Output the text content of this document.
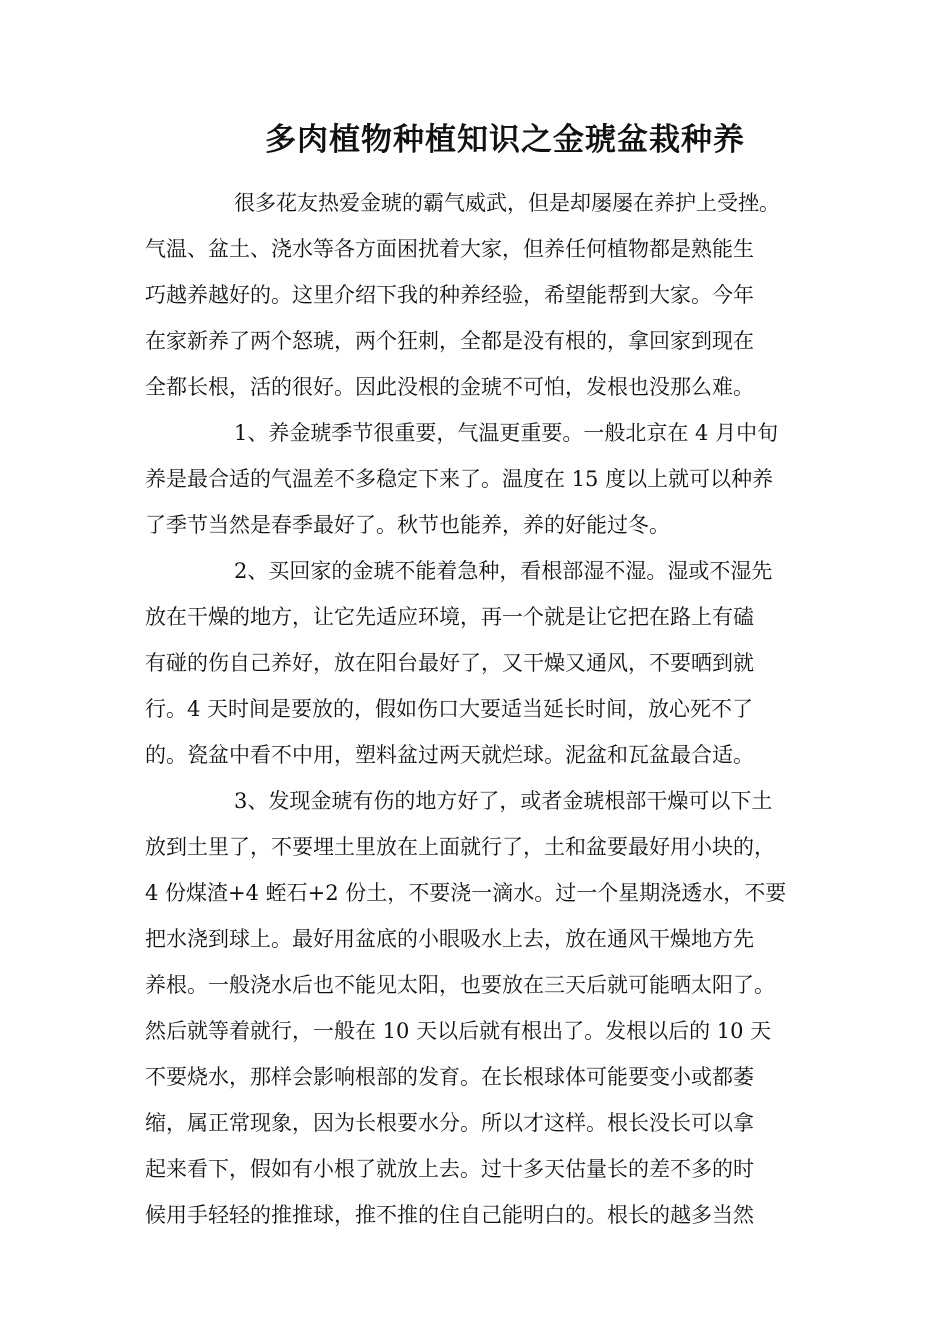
多肉植物种植知识之金琥盆栽种养
很多花友热爱金琥的霸气威武，但是却屡屡在养护上受挫。
气温、盆土、浇水等各方面困扰着大家，但养任何植物都是熟能生
巧越养越好的。这里介绍下我的种养经验，希望能帮到大家。今年
在家新养了两个怒琥，两个狂刺，全都是没有根的，拿回家到现在
全都长根，活的很好。因此没根的金琥不可怕，发根也没那么难。
1、养金琥季节很重要，气温更重要。一般北京在 4 月中旬
养是最合适的气温差不多稳定下来了。温度在 15 度以上就可以种养
了季节当然是春季最好了。秋节也能养，养的好能过冬。
2、买回家的金琥不能着急种，看根部湿不湿。湿或不湿先
放在干燥的地方，让它先适应环境，再一个就是让它把在路上有磕
有碰的伤自己养好，放在阳台最好了，又干燥又通风，不要晒到就
行。4 天时间是要放的，假如伤口大要适当延长时间，放心死不了
的。瓷盆中看不中用，塑料盆过两天就烂球。泥盆和瓦盆最合适。
3、发现金琥有伤的地方好了，或者金琥根部干燥可以下土
放到土里了，不要埋土里放在上面就行了，土和盆要最好用小块的，
4 份煤渣+4 蛭石+2 份土，不要浇一滴水。过一个星期浇透水，不要
把水浇到球上。最好用盆底的小眼吸水上去，放在通风干燥地方先
养根。一般浇水后也不能见太阳，也要放在三天后就可能晒太阳了。
然后就等着就行，一般在 10 天以后就有根出了。发根以后的 10 天
不要烧水，那样会影响根部的发育。在长根球体可能要变小或都萎
缩，属正常现象，因为长根要水分。所以才这样。根长没长可以拿
起来看下，假如有小根了就放上去。过十多天估量长的差不多的时
候用手轻轻的推推球，推不推的住自己能明白的。根长的越多当然
